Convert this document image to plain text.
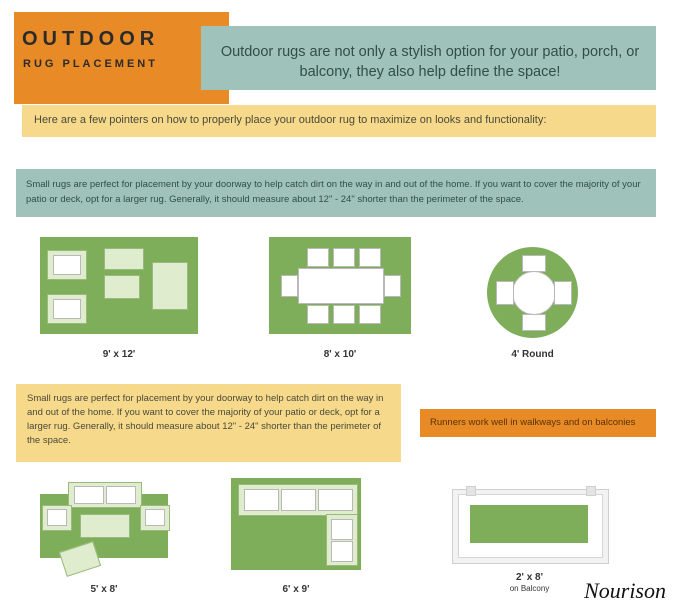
OUTDOOR
RUG PLACEMENT
Outdoor rugs are not only a stylish option for your patio, porch, or balcony, they also help define the space!
Here are a few pointers on how to properly place your outdoor rug to maximize on looks and functionality:
Small rugs are perfect for placement by your doorway to help catch dirt on the way in and out of the home. If you want to cover the majority of your patio or deck, opt for a larger rug. Generally, it should measure about 12" - 24" shorter than the perimeter of the space.
9' x 12'	8' x 10'	4' Round
Small rugs are perfect for placement by your doorway to help catch dirt on the way in and out of the home. If you want to cover the majority of your patio or deck, opt for a larger rug. Generally, it should measure about 12" - 24" shorter than the perimeter of the space.
Runners work well in walkways and on balconies
5' x 8'	6' x 9'
2' x 8'
on Balcony	Nourison
